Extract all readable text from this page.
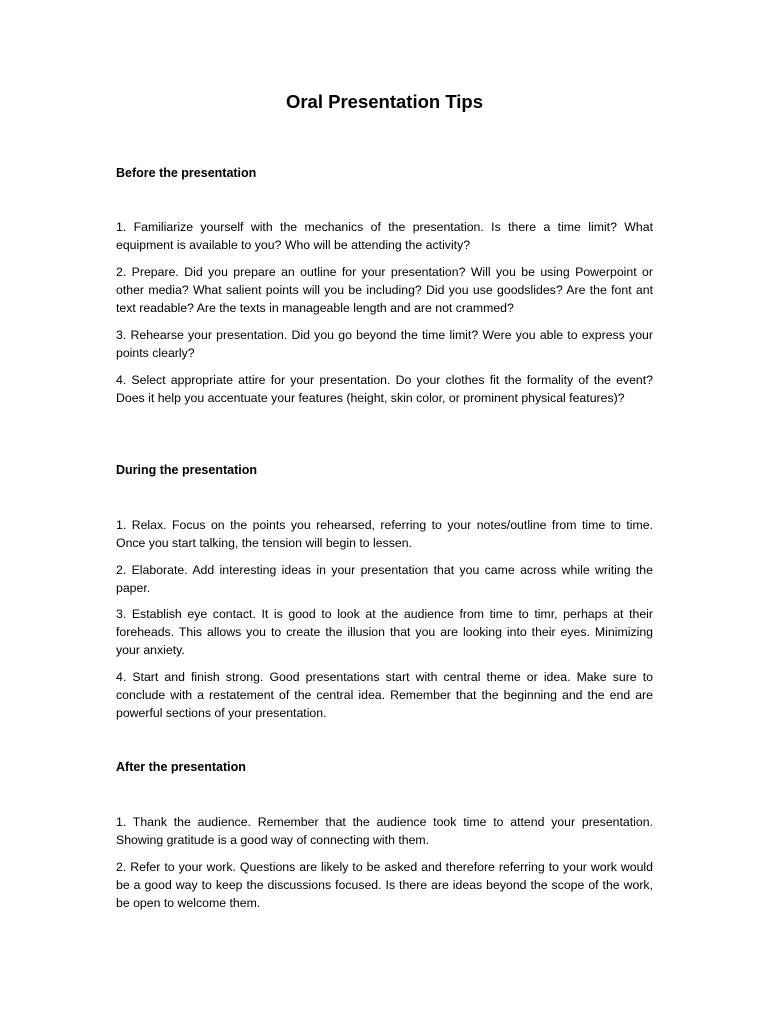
Oral Presentation Tips
Before the presentation

1. Familiarize yourself with the mechanics of the presentation. Is there a time limit? What equipment is available to you? Who will be attending the activity?

2. Prepare. Did you prepare an outline for your presentation? Will you be using Powerpoint or other media? What salient points will you be including? Did you use goodslides? Are the font ant text readable? Are the texts in manageable length and are not crammed?

3. Rehearse your presentation. Did you go beyond the time limit? Were you able to express your points clearly?

4. Select appropriate attire for your presentation. Do your clothes fit the formality of the event? Does it help you accentuate your features (height, skin color, or prominent physical features)?

During the presentation

1. Relax. Focus on the points you rehearsed, referring to your notes/outline from time to time. Once you start talking, the tension will begin to lessen.

2. Elaborate. Add interesting ideas in your presentation that you came across while writing the paper.

3. Establish eye contact. It is good to look at the audience from time to timr, perhaps at their foreheads. This allows you to create the illusion that you are looking into their eyes. Minimizing your anxiety.

4. Start and finish strong. Good presentations start with central theme or idea. Make sure to conclude with a restatement of the central idea. Remember that the beginning and the end are powerful sections of your presentation.

After the presentation

1. Thank the audience. Remember that the audience took time to attend your presentation. Showing gratitude is a good way of connecting with them.

2. Refer to your work. Questions are likely to be asked and therefore referring to your work would be a good way to keep the discussions focused. Is there are ideas beyond the scope of the work, be open to welcome them.
